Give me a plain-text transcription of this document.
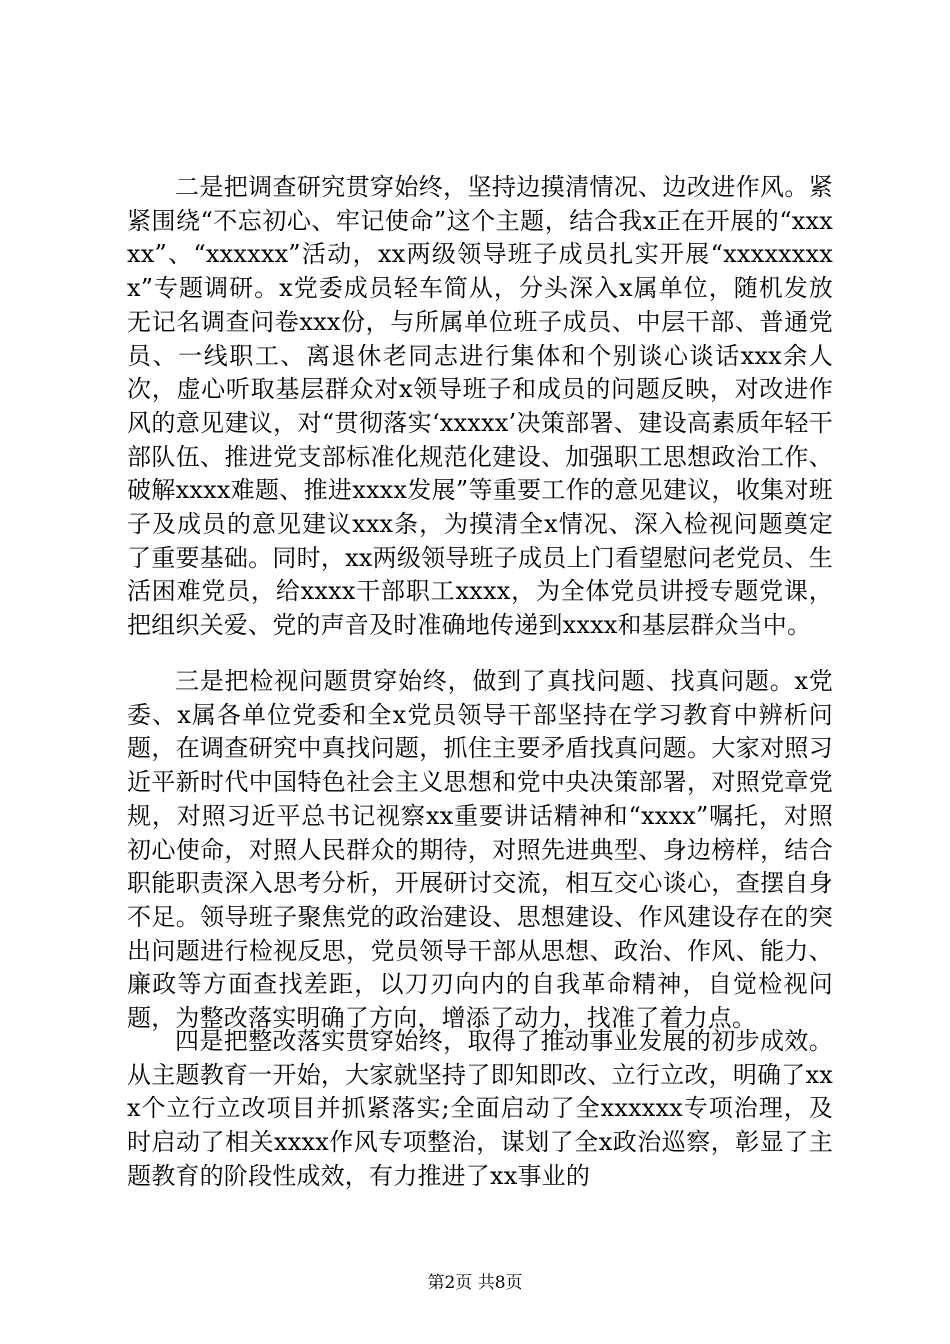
二是把调查研究贯穿始终，坚持边摸清情况、边改进作风。紧紧围绕“不忘初心、牢记使命”这个主题，结合我x正在开展的“xxxxx”、“xxxxxx”活动，xx两级领导班子成员扎实开展“xxxxxxxxx”专题调研。x党委成员轻车简从，分头深入x属单位，随机发放无记名调查问卷xxx份，与所属单位班子成员、中层干部、普通党员、一线职工、离退休老同志进行集体和个别谈心谈话xxx余人次，虚心听取基层群众对x领导班子和成员的问题反映，对改进作风的意见建议，对“贯彻落实‘xxxxx’决策部署、建设高素质年轻干部队伍、推进党支部标准化规范化建设、加强职工思想政治工作、破解xxxx难题、推进xxxx发展”等重要工作的意见建议，收集对班子及成员的意见建议xxx条，为摸清全x情况、深入检视问题奠定了重要基础。同时，xx两级领导班子成员上门看望慰问老党员、生活困难党员，给xxxx干部职工xxxx，为全体党员讲授专题党课，把组织关爱、党的声音及时准确地传递到xxxx和基层群众当中。

三是把检视问题贯穿始终，做到了真找问题、找真问题。x党委、x属各单位党委和全x党员领导干部坚持在学习教育中辨析问题，在调查研究中真找问题，抓住主要矛盾找真问题。大家对照习近平新时代中国特色社会主义思想和党中央决策部署，对照党章党规，对照习近平总书记视察xx重要讲话精神和“xxxx”嘱托，对照初心使命，对照人民群众的期待，对照先进典型、身边榜样，结合职能职责深入思考分析，开展研讨交流，相互交心谈心，查摆自身不足。领导班子聚焦党的政治建设、思想建设、作风建设存在的突出问题进行检视反思，党员领导干部从思想、政治、作风、能力、廉政等方面查找差距，以刀刃向内的自我革命精神，自觉检视问题，为整改落实明确了方向，增添了动力，找准了着力点。

四是把整改落实贯穿始终，取得了推动事业发展的初步成效。从主题教育一开始，大家就坚持了即知即改、立行立改，明确了xxx个立行立改项目并抓紧落实;全面启动了全xxxxxx专项治理，及时启动了相关xxxx作风专项整治，谋划了全x政治巡察，彰显了主题教育的阶段性成效，有力推进了xx事业的

第2页 共8页
